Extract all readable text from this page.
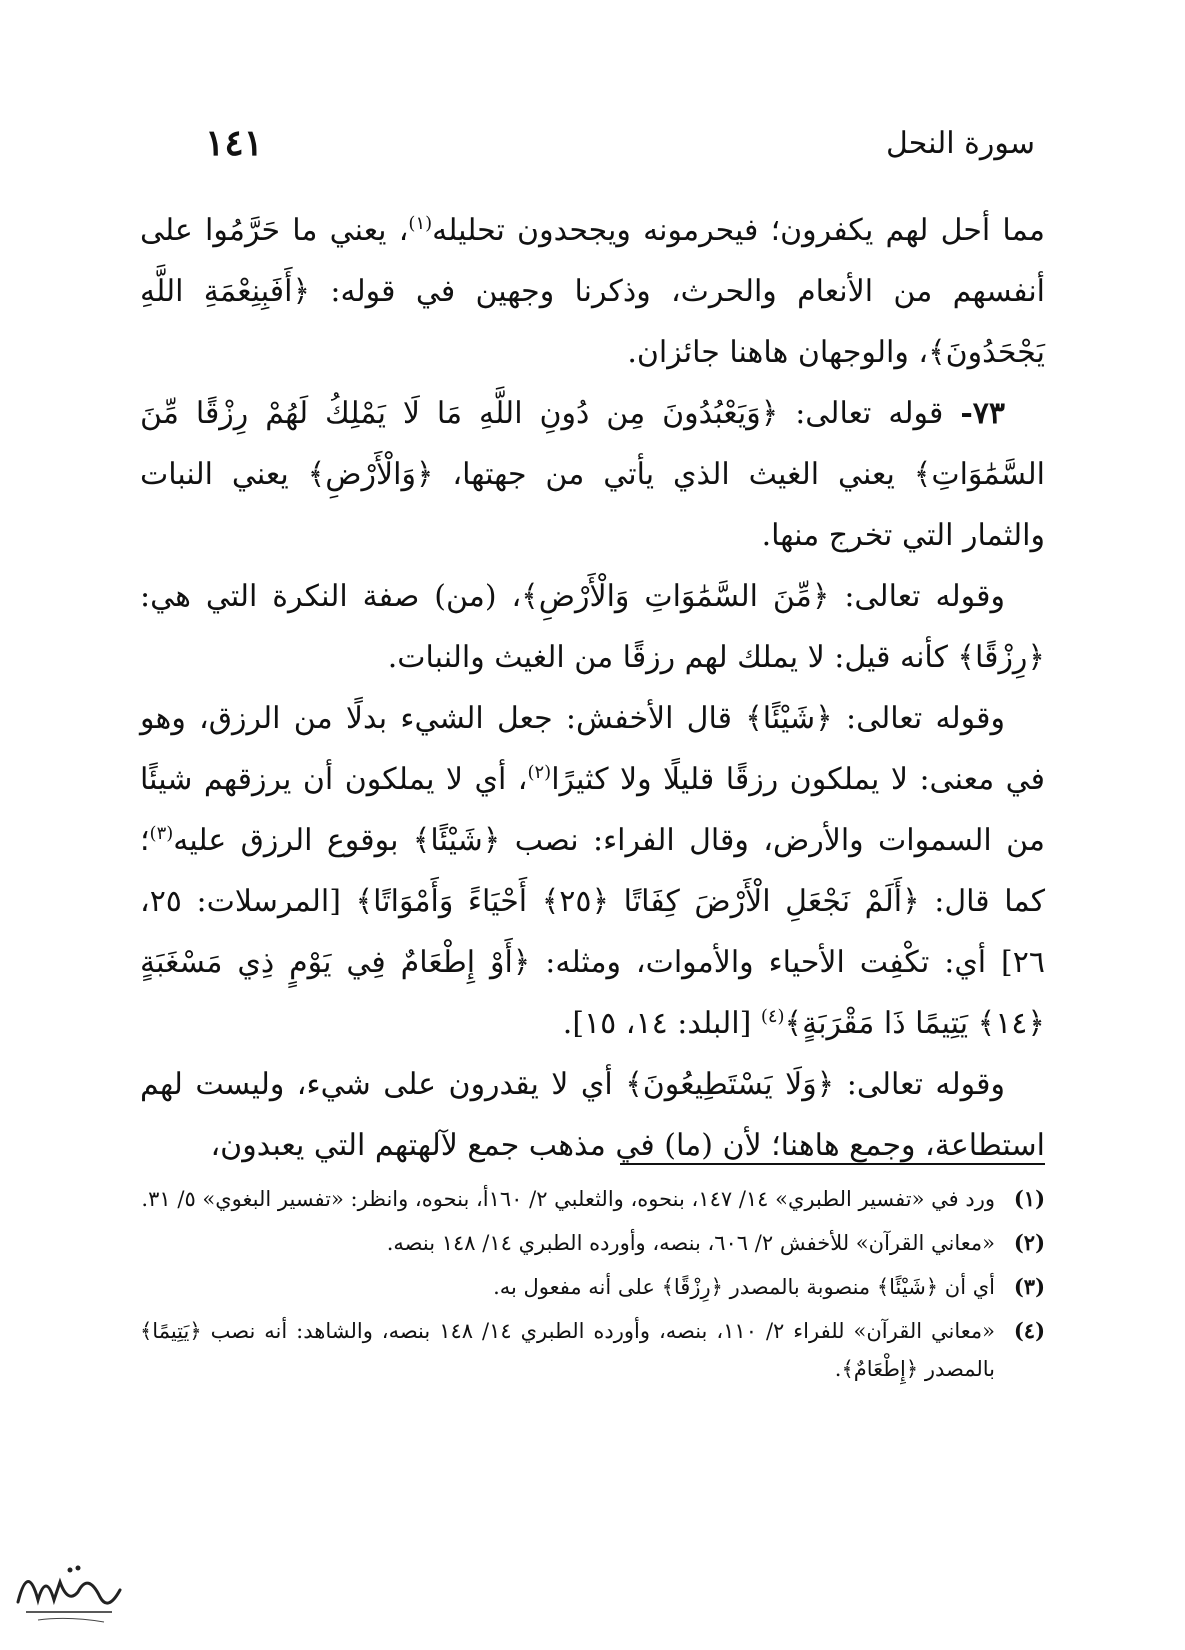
سورة النحل
١٤١

مما أحل لهم يكفرون؛ فيحرمونه ويجحدون تحليله$^{(١)}$، يعني ما حَرَّمُوا على أنفسهم من الأنعام والحرث، وذكرنا وجهين في قوله: ﴿أَفَبِنِعْمَةِ اللَّهِ يَجْحَدُونَ﴾، والوجهان هاهنا جائزان.

٧٣- قوله تعالى: ﴿وَيَعْبُدُونَ مِن دُونِ اللَّهِ مَا لَا يَمْلِكُ لَهُمْ رِزْقًا مِّنَ السَّمَٰوَاتِ﴾ يعني الغيث الذي يأتي من جهتها، ﴿وَالْأَرْضِ﴾ يعني النبات والثمار التي تخرج منها.

وقوله تعالى: ﴿مِّنَ السَّمَٰوَاتِ وَالْأَرْضِ﴾، (من) صفة النكرة التي هي: ﴿رِزْقًا﴾ كأنه قيل: لا يملك لهم رزقًا من الغيث والنبات.

وقوله تعالى: ﴿شَيْئًا﴾ قال الأخفش: جعل الشيء بدلًا من الرزق، وهو في معنى: لا يملكون رزقًا قليلًا ولا كثيرًا$^{(٢)}$، أي لا يملكون أن يرزقهم شيئًا من السموات والأرض، وقال الفراء: نصب ﴿شَيْئًا﴾ بوقوع الرزق عليه$^{(٣)}$؛ كما قال: ﴿أَلَمْ نَجْعَلِ الْأَرْضَ كِفَاتًا ﴿٢٥﴾ أَحْيَاءً وَأَمْوَاتًا﴾ [المرسلات: ٢٥، ٢٦] أي: تكْفِت الأحياء والأموات، ومثله: ﴿أَوْ إِطْعَامٌ فِي يَوْمٍ ذِي مَسْغَبَةٍ ﴿١٤﴾ يَتِيمًا ذَا مَقْرَبَةٍ﴾$^{(٤)}$ [البلد: ١٤، ١٥].

وقوله تعالى: ﴿وَلَا يَسْتَطِيعُونَ﴾ أي لا يقدرون على شيء، وليست لهم استطاعة، وجمع هاهنا؛ لأن (ما) في مذهب جمع لآلهتهم التي يعبدون،

(١)
ورد في «تفسير الطبري» ١٤/ ١٤٧، بنحوه، والثعلبي ٢/ ١٦٠أ، بنحوه، وانظر: «تفسير البغوي» ٥/ ٣١.
(٢)
«معاني القرآن» للأخفش ٢/ ٦٠٦، بنصه، وأورده الطبري ١٤/ ١٤٨ بنصه.
(٣)
أي أن ﴿شَيْئًا﴾ منصوبة بالمصدر ﴿رِزْقًا﴾ على أنه مفعول به.
(٤)
«معاني القرآن» للفراء ٢/ ١١٠، بنصه، وأورده الطبري ١٤/ ١٤٨ بنصه، والشاهد: أنه نصب ﴿يَتِيمًا﴾ بالمصدر ﴿إِطْعَامٌ﴾.
